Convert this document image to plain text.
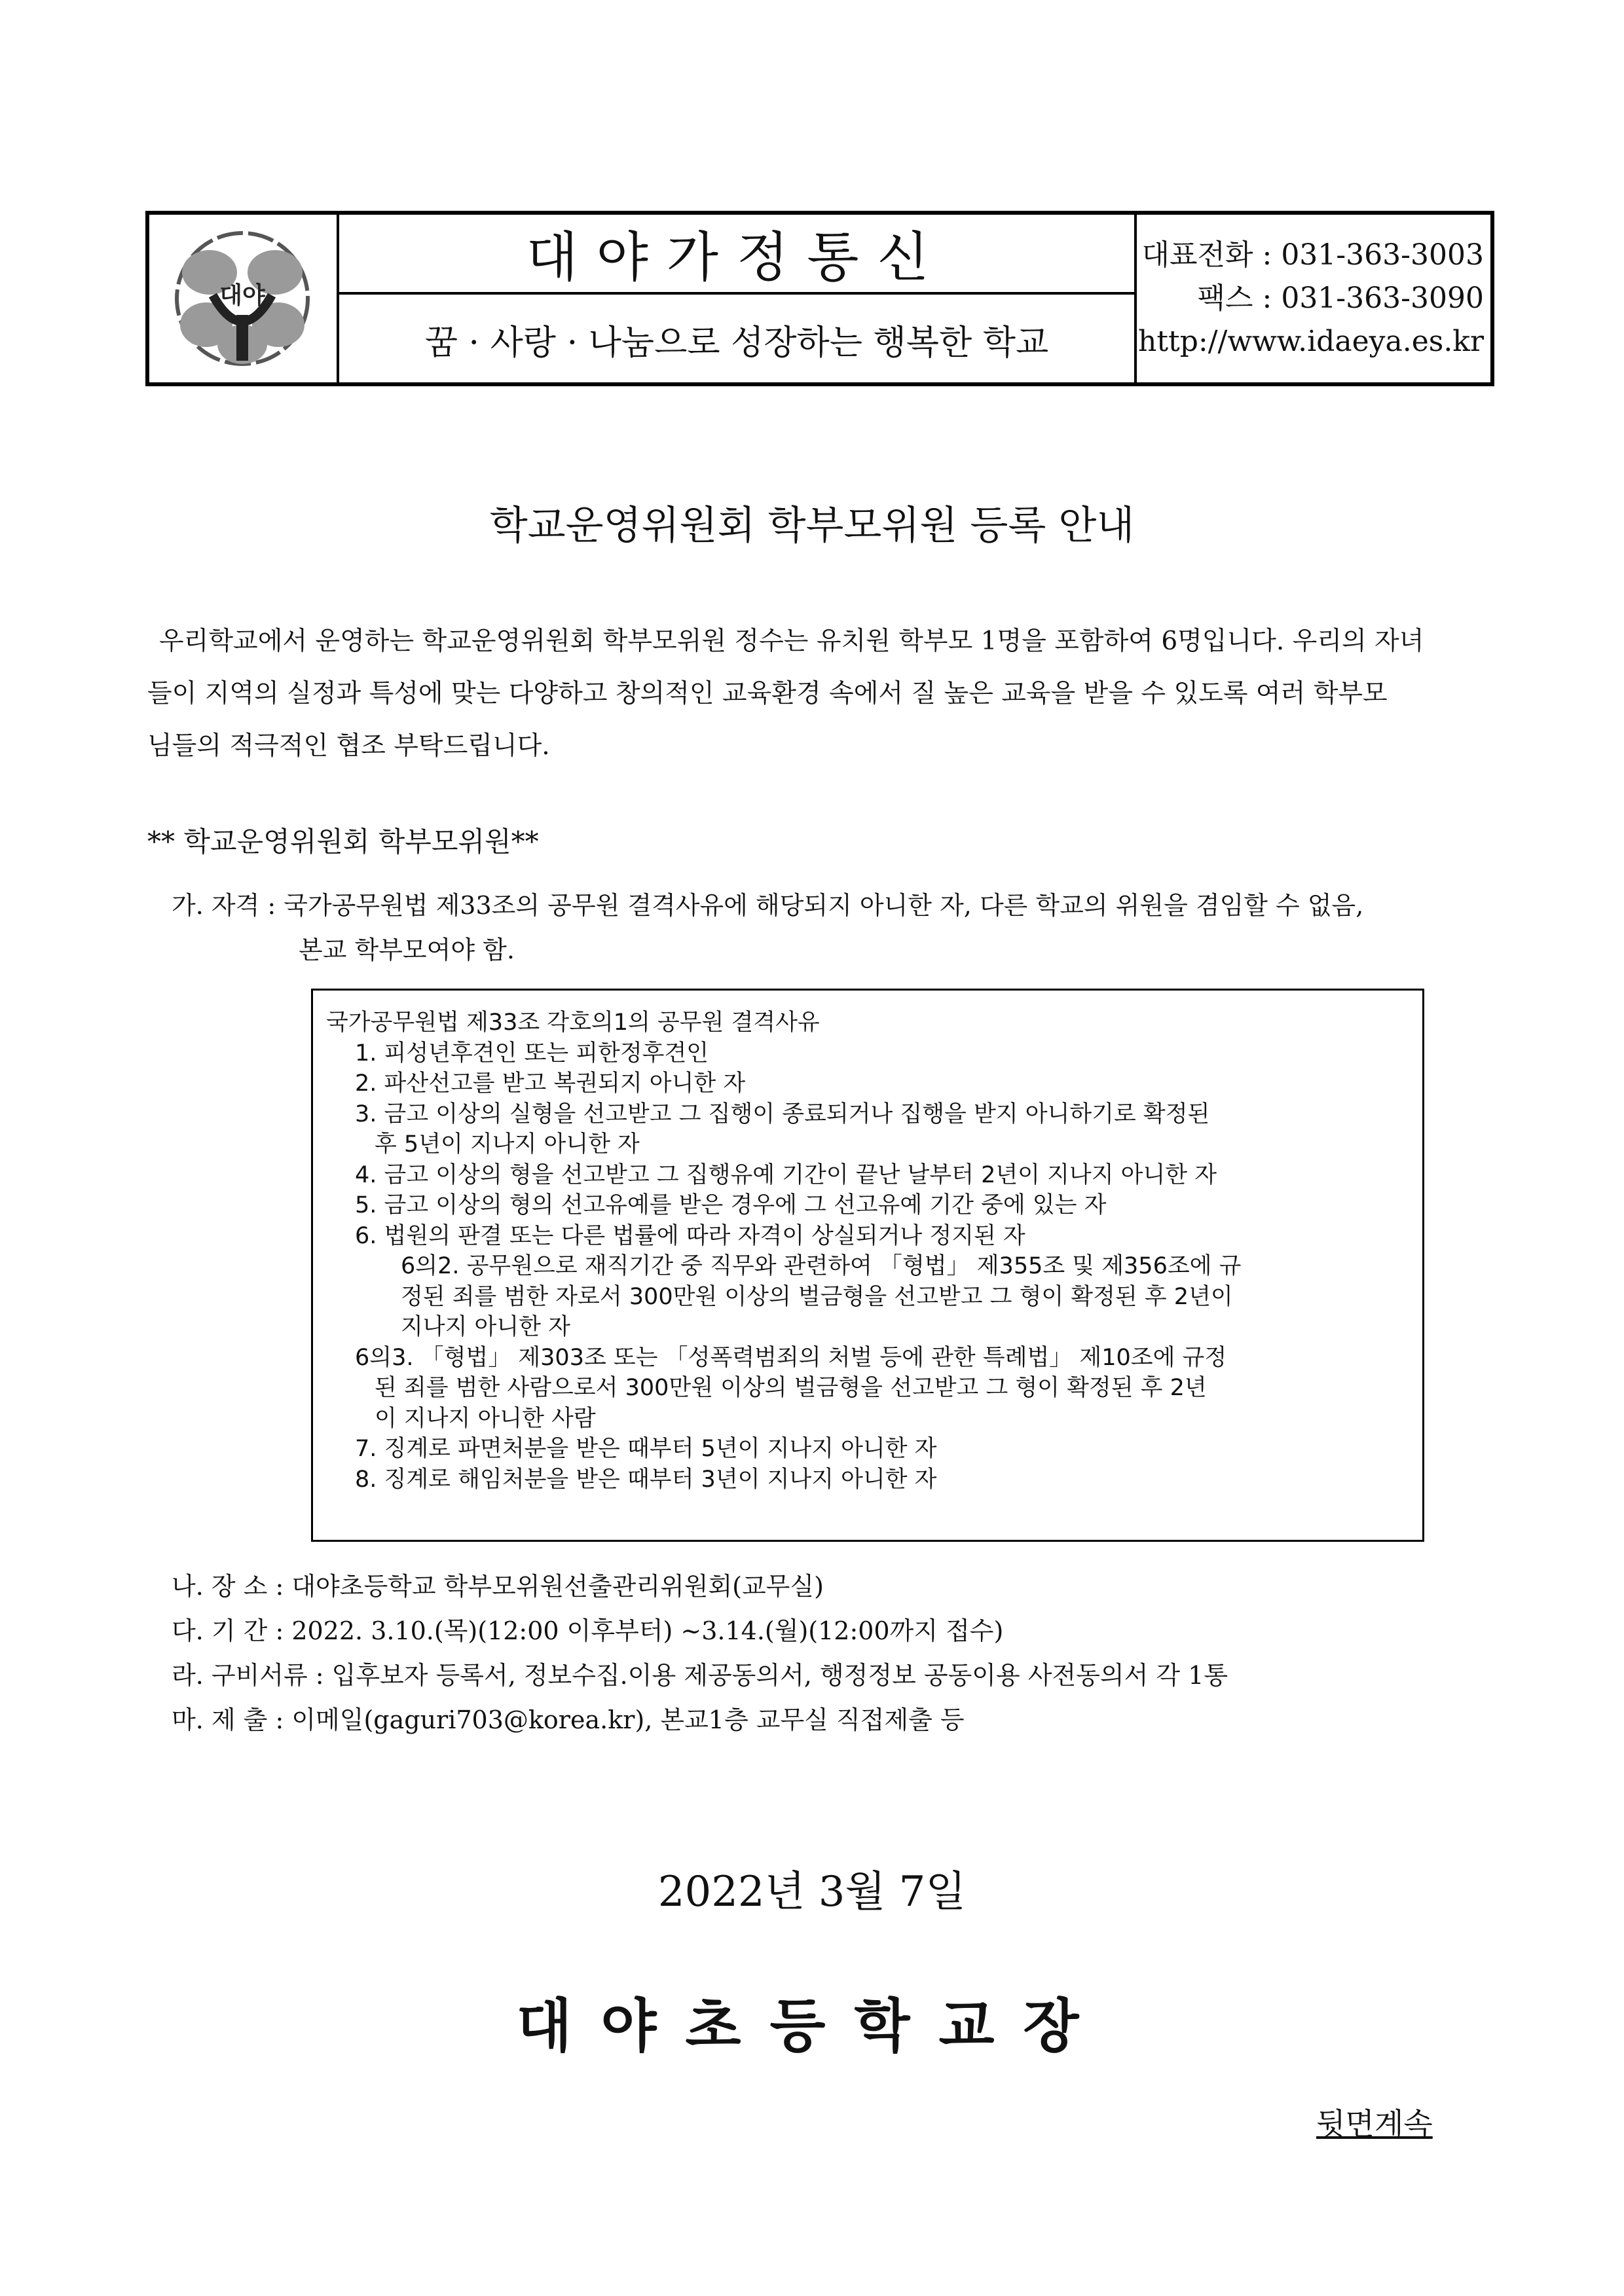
대야
대야가정통신
꿈 · 사랑 · 나눔으로 성장하는 행복한 학교
대표전화 : 031-363-3003
팩스 : 031-363-3090
http://www.idaeya.es.kr
학교운영위원회 학부모위원 등록 안내

우리학교에서 운영하는 학교운영위원회 학부모위원 정수는 유치원 학부모 1명을 포함하여 6명입니다. 우리의 자녀

들이 지역의 실정과 특성에 맞는 다양하고 창의적인 교육환경 속에서 질 높은 교육을 받을 수 있도록 여러 학부모

님들의 적극적인 협조 부탁드립니다.

** 학교운영위원회 학부모위원**
가. 자격 : 국가공무원법 제33조의 공무원 결격사유에 해당되지 아니한 자, 다른 학교의 위원을 겸임할 수 없음,
본교 학부모여야 함.

국가공무원법 제33조 각호의1의 공무원 결격사유

1. 피성년후견인 또는 피한정후견인

2. 파산선고를 받고 복권되지 아니한 자

3. 금고 이상의 실형을 선고받고 그 집행이 종료되거나 집행을 받지 아니하기로 확정된

후 5년이 지나지 아니한 자

4. 금고 이상의 형을 선고받고 그 집행유예 기간이 끝난 날부터 2년이 지나지 아니한 자

5. 금고 이상의 형의 선고유예를 받은 경우에 그 선고유예 기간 중에 있는 자

6. 법원의 판결 또는 다른 법률에 따라 자격이 상실되거나 정지된 자

6의2. 공무원으로 재직기간 중 직무와 관련하여 「형법」 제355조 및 제356조에 규

정된 죄를 범한 자로서 300만원 이상의 벌금형을 선고받고 그 형이 확정된 후 2년이

지나지 아니한 자

6의3. 「형법」 제303조 또는 「성폭력범죄의 처벌 등에 관한 특례법」 제10조에 규정

된 죄를 범한 사람으로서 300만원 이상의 벌금형을 선고받고 그 형이 확정된 후 2년

이 지나지 아니한 사람

7. 징계로 파면처분을 받은 때부터 5년이 지나지 아니한 자

8. 징계로 해임처분을 받은 때부터 3년이 지나지 아니한 자

나. 장 소 : 대야초등학교 학부모위원선출관리위원회(교무실)
다. 기 간 : 2022. 3.10.(목)(12:00 이후부터) ~3.14.(월)(12:00까지 접수)
라. 구비서류 : 입후보자 등록서, 정보수집.이용 제공동의서, 행정정보 공동이용 사전동의서 각 1통
마. 제 출 : 이메일(gaguri703@korea.kr), 본교1층 교무실 직접제출 등
2022년 3월 7일
대야초등학교장
뒷면계속
